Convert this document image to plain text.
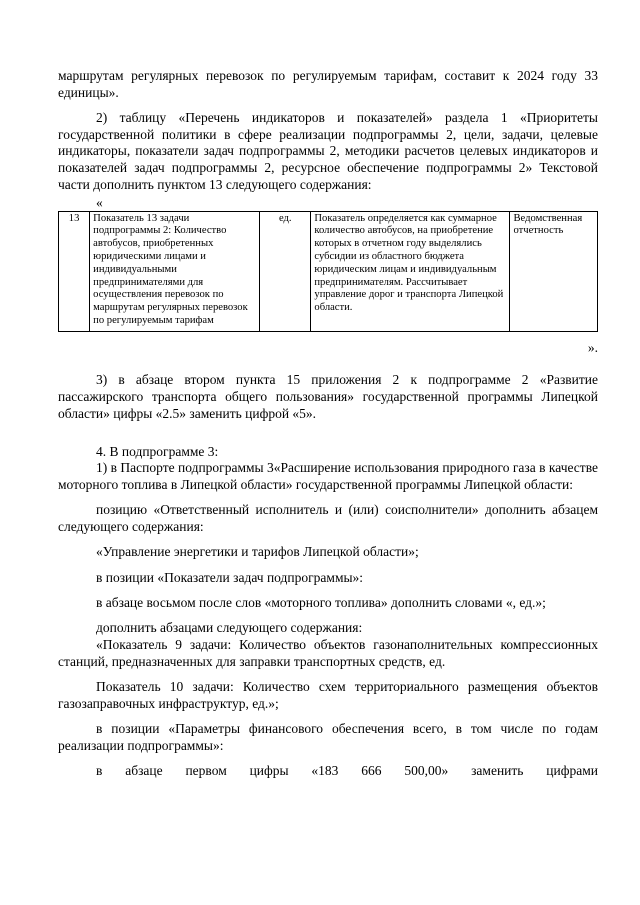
маршрутам регулярных перевозок по регулируемым тарифам, составит к 2024 году 33 единицы».

2) таблицу «Перечень индикаторов и показателей» раздела 1 «Приоритеты государственной политики в сфере реализации подпрограммы 2, цели, задачи, целевые индикаторы, показатели задач подпрограммы 2, методики расчетов целевых индикаторов и показателей задач подпрограммы 2, ресурсное обеспечение подпрограммы 2» Текстовой части дополнить пунктом 13 следующего содержания:

«

13	Показатель 13 задачи подпрограммы 2: Количество автобусов, приобретенных юридическими лицами и индивидуальными предпринимателями для осуществления перевозок по маршрутам регулярных перевозок по регулируемым тарифам	ед.	Показатель определяется как суммарное количество автобусов, на приобретение которых в отчетном году выделялись субсидии из областного бюджета юридическим лицам и индивидуальным предпринимателям. Рассчитывает управление дорог и транспорта Липецкой области.	Ведомственная отчетность

».

3) в абзаце втором пункта 15 приложения 2 к подпрограмме 2 «Развитие пассажирского транспорта общего пользования» государственной программы Липецкой области» цифры «2.5» заменить цифрой «5».

4. В подпрограмме 3:

1) в Паспорте подпрограммы 3«Расширение использования природного газа в качестве моторного топлива в Липецкой области» государственной программы Липецкой области:

позицию «Ответственный исполнитель и (или) соисполнители» дополнить абзацем следующего содержания:

«Управление энергетики и тарифов Липецкой области»;

в позиции «Показатели задач подпрограммы»:

в абзаце восьмом после слов «моторного топлива» дополнить словами «, ед.»;

дополнить абзацами следующего содержания:

«Показатель 9 задачи: Количество объектов газонаполнительных компрессионных станций, предназначенных для заправки транспортных средств, ед.

Показатель 10 задачи: Количество схем территориального размещения объектов газозаправочных инфраструктур, ед.»;

в позиции «Параметры финансового обеспечения всего, в том числе по годам реализации подпрограммы»:

в абзаце первом цифры «183 666 500,00» заменить цифрами
